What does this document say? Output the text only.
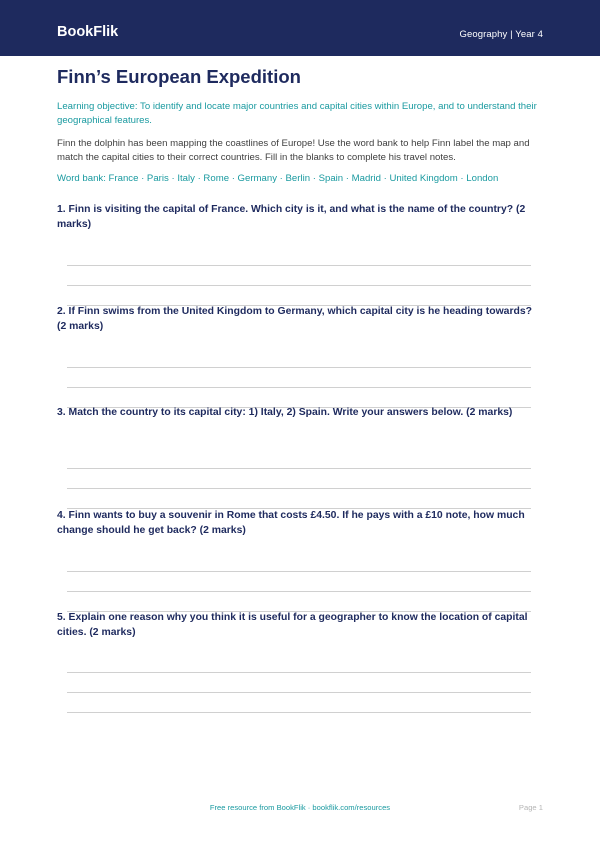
BookFlik	Geography | Year 4
Finn’s European Expedition
Learning objective: To identify and locate major countries and capital cities within Europe, and to understand their geographical features.
Finn the dolphin has been mapping the coastlines of Europe! Use the word bank to help Finn label the map and match the capital cities to their correct countries. Fill in the blanks to complete his travel notes.
Word bank: France · Paris · Italy · Rome · Germany · Berlin · Spain · Madrid · United Kingdom · London
1. Finn is visiting the capital of France. Which city is it, and what is the name of the country? (2 marks)
2. If Finn swims from the United Kingdom to Germany, which capital city is he heading towards? (2 marks)
3. Match the country to its capital city: 1) Italy, 2) Spain. Write your answers below. (2 marks)
4. Finn wants to buy a souvenir in Rome that costs £4.50. If he pays with a £10 note, how much change should he get back? (2 marks)
5. Explain one reason why you think it is useful for a geographer to know the location of capital cities. (2 marks)
Free resource from BookFlik · bookflik.com/resources	Page 1
